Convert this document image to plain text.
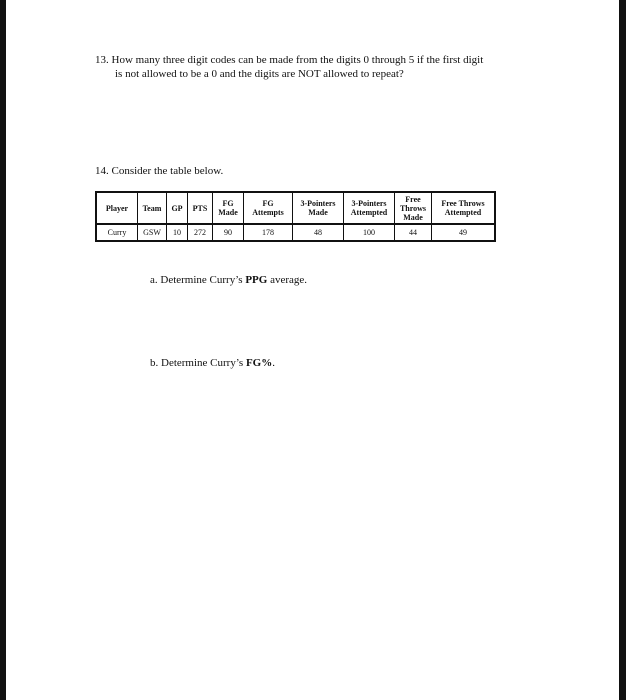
13. How many three digit codes can be made from the digits 0 through 5 if the first digit
is not allowed to be a 0 and the digits are NOT allowed to repeat?
14. Consider the table below.
Player	Team	GP	PTS	FG Made	FG Attempts	3-Pointers Made	3-Pointers Attempted	Free Throws Made	Free Throws Attempted
Curry	GSW	10	272	90	178	48	100	44	49
a. Determine Curry’s PPG average.
b. Determine Curry’s FG%.
